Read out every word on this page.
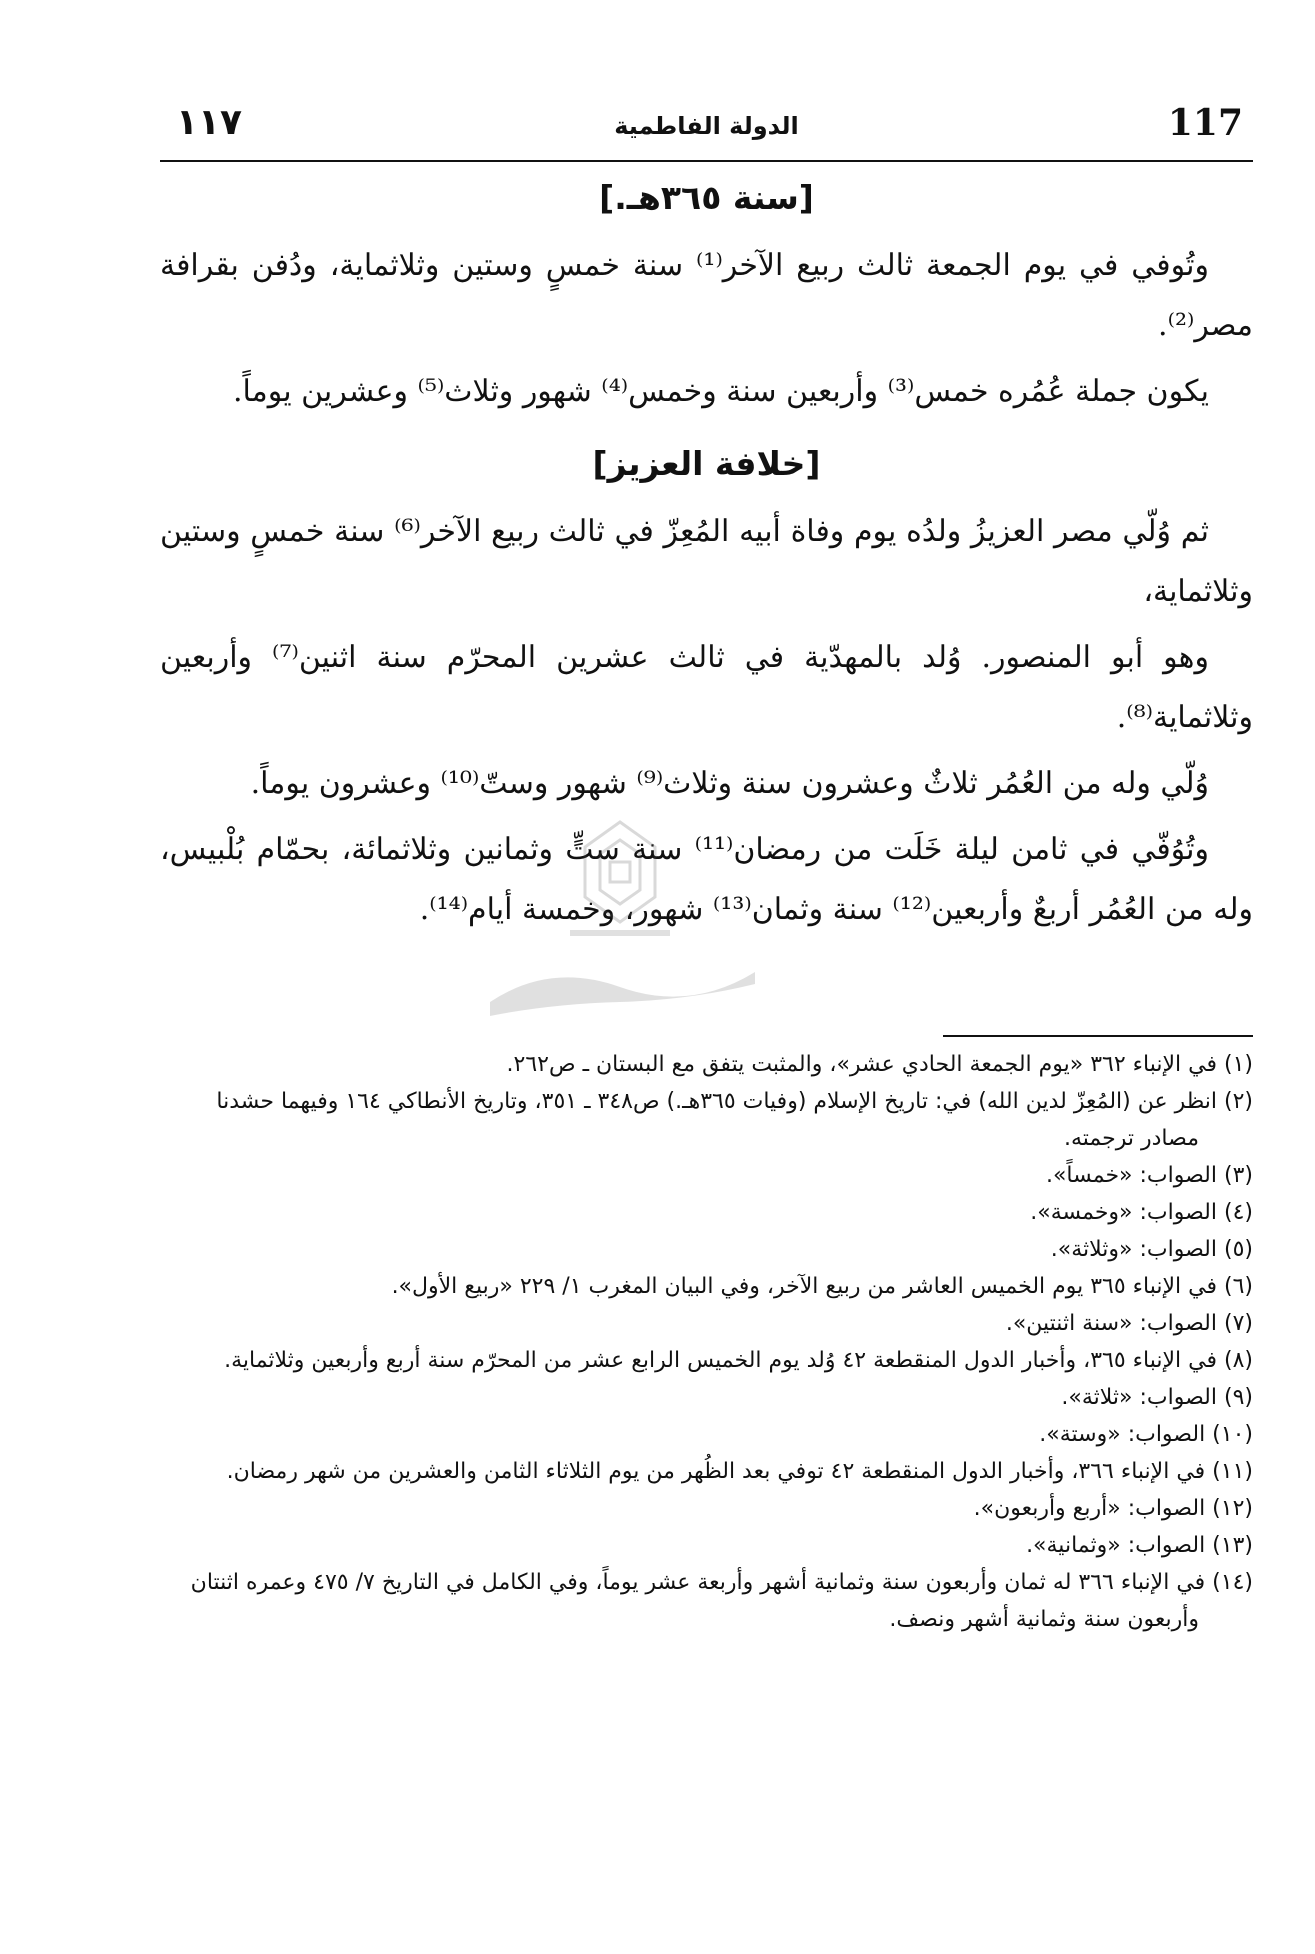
١١٧	الدولة الفاطمية	117
[سنة ٣٦٥هـ.]

وتُوفي في يوم الجمعة ثالث ربيع الآخر⁽¹⁾ سنة خمسٍ وستين وثلاثماية، ودُفن بقرافة مصر⁽²⁾.

يكون جملة عُمُره خمس⁽³⁾ وأربعين سنة وخمس⁽⁴⁾ شهور وثلاث⁽⁵⁾ وعشرين يوماً.

[خلافة العزيز]

ثم وُلّي مصر العزيزُ ولدُه يوم وفاة أبيه المُعِزّ في ثالث ربيع الآخر⁽⁶⁾ سنة خمسٍ وستين وثلاثماية،

وهو أبو المنصور. وُلد بالمهدّية في ثالث عشرين المحرّم سنة اثنين⁽⁷⁾ وأربعين وثلاثماية⁽⁸⁾.

وُلّي وله من العُمُر ثلاثٌ وعشرون سنة وثلاث⁽⁹⁾ شهور وستّ⁽¹⁰⁾ وعشرون يوماً.

وتُوُفّي في ثامن ليلة خَلَت من رمضان⁽¹¹⁾ سنة ستٍّ وثمانين وثلاثمائة، بحمّام بُلْبيس، وله من العُمُر أربعٌ وأربعين⁽¹²⁾ سنة وثمان⁽¹³⁾ شهور، وخمسة أيام⁽¹⁴⁾.

(١) في الإنباء ٣٦٢ «يوم الجمعة الحادي عشر»، والمثبت يتفق مع البستان ـ ص٢٦٢.

(٢) انظر عن (المُعِزّ لدين الله) في: تاريخ الإسلام (وفيات ٣٦٥هـ.) ص٣٤٨ ـ ٣٥١، وتاريخ الأنطاكي ١٦٤ وفيهما حشدنا مصادر ترجمته.

(٣) الصواب: «خمساً».

(٤) الصواب: «وخمسة».

(٥) الصواب: «وثلاثة».

(٦) في الإنباء ٣٦٥ يوم الخميس العاشر من ربيع الآخر، وفي البيان المغرب ١/ ٢٢٩ «ربيع الأول».

(٧) الصواب: «سنة اثنتين».

(٨) في الإنباء ٣٦٥، وأخبار الدول المنقطعة ٤٢ وُلد يوم الخميس الرابع عشر من المحرّم سنة أربع وأربعين وثلاثماية.

(٩) الصواب: «ثلاثة».

(١٠) الصواب: «وستة».

(١١) في الإنباء ٣٦٦، وأخبار الدول المنقطعة ٤٢ توفي بعد الظُهر من يوم الثلاثاء الثامن والعشرين من شهر رمضان.

(١٢) الصواب: «أربع وأربعون».

(١٣) الصواب: «وثمانية».

(١٤) في الإنباء ٣٦٦ له ثمان وأربعون سنة وثمانية أشهر وأربعة عشر يوماً، وفي الكامل في التاريخ ٧/ ٤٧٥ وعمره اثنتان وأربعون سنة وثمانية أشهر ونصف.
